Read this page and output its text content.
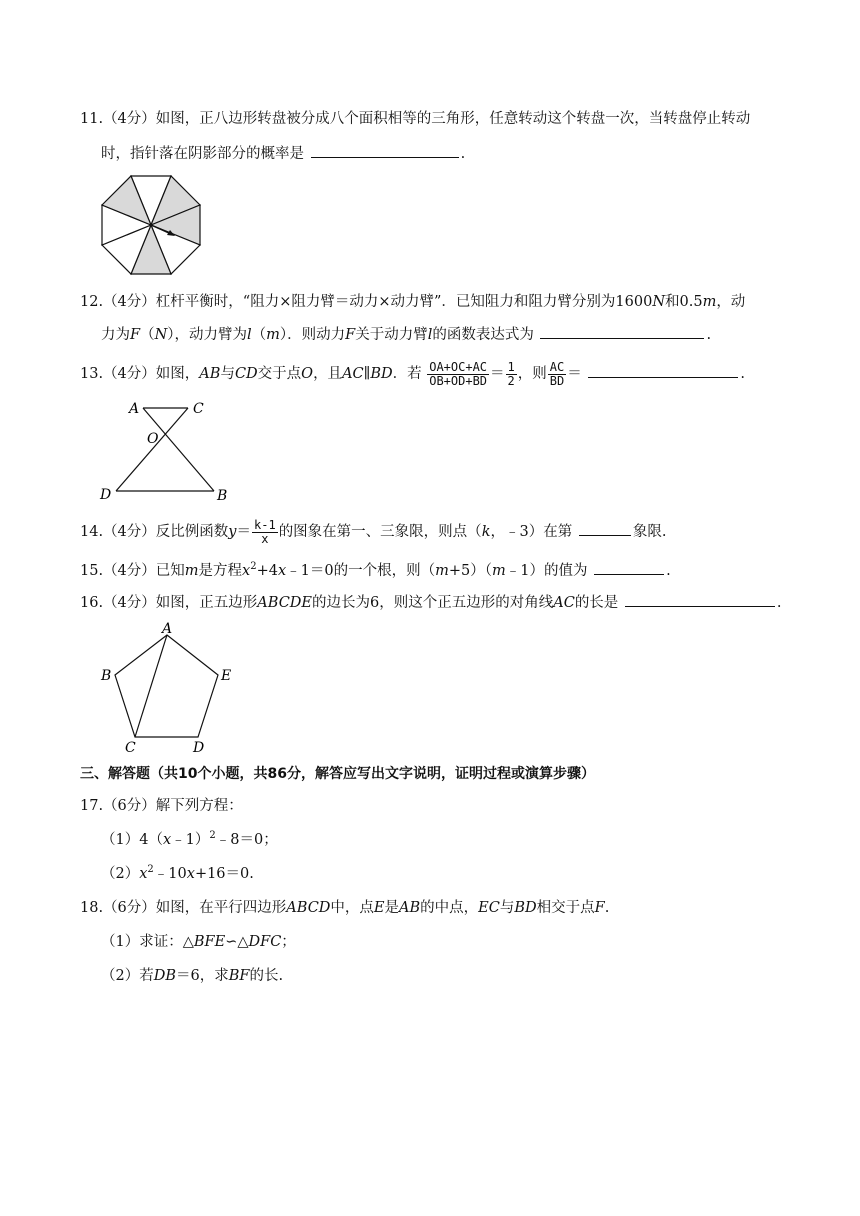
11.（4分）如图，正八边形转盘被分成八个面积相等的三角形，任意转动这个转盘一次，当转盘停止转动
时，指针落在阴影部分的概率是	.
12.（4分）杠杆平衡时，“阻力×阻力臂＝动力×动力臂”．已知阻力和阻力臂分别为1600N和0.5m，动
力为F（N），动力臂为l（m）．则动力F关于动力臂l的函数表达式为	.
13.（4分）如图，AB与CD交于点O，且AC∥BD．若 $\frac{OA+OC+AC}{OB+OD+BD} = \frac{1}{2}$ ，则 $\frac{AC}{BD}$ ＝	.
A	C
O
D	B
14.（4分）反比例函数$y= \frac{k-1}{x}$ 的图象在第一、三象限，则点（k，﹣3）在第	象限.
15.（4分）已知m是方程$x^2+4x﹣1=0$的一个根，则（m+5）（m﹣1）的值为	.
16.（4分）如图，正五边形ABCDE的边长为6，则这个正五边形的对角线AC的长是	.
A
B	E
C	D
三、解答题（共10个小题，共86分，解答应写出文字说明，证明过程或演算步骤）
17.（6分）解下列方程：
（1）4（x﹣1）$^2$﹣8＝0；
$(2)x^2﹣10x+16=0$.
18.（6分）如图，在平行四边形ABCD中，点E是AB的中点，EC与BD相交于点F.
（1）求证：△BFE∽△DFC；
（2）若DB＝6，求BF的长.
